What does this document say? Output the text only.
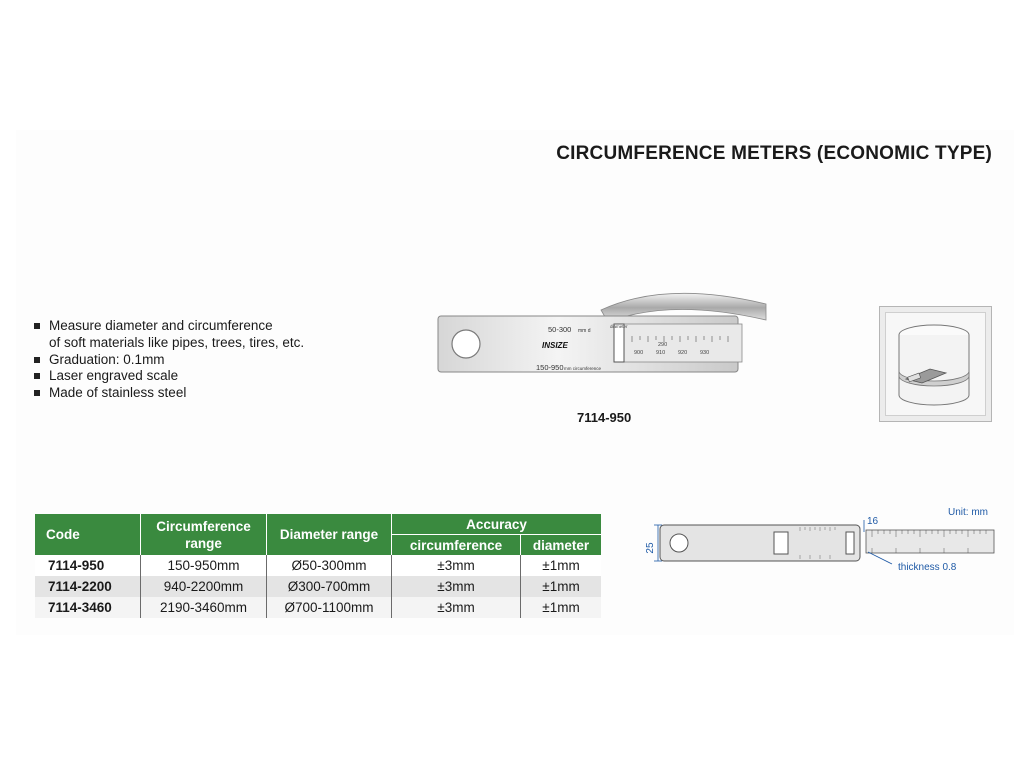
CIRCUMFERENCE METERS (ECONOMIC TYPE)
Measure diameter and circumference
of soft materials like pipes, trees, tires, etc.
Graduation: 0.1mm
Laser engraved scale
Made of stainless steel
50-300 mm d
150-950 mm circumference
INSIZE
diameter
290
900 910 920 930
7114-950
Code	Circumference range	Diameter range	Accuracy	
			circumference	diameter
7114-950	150-950mm	Ø50-300mm	±3mm	±1mm
7114-2200	940-2200mm	Ø300-700mm	±3mm	±1mm
7114-3460	2190-3460mm	Ø700-1100mm	±3mm	±1mm
Unit: mm
25
16
thickness 0.8
